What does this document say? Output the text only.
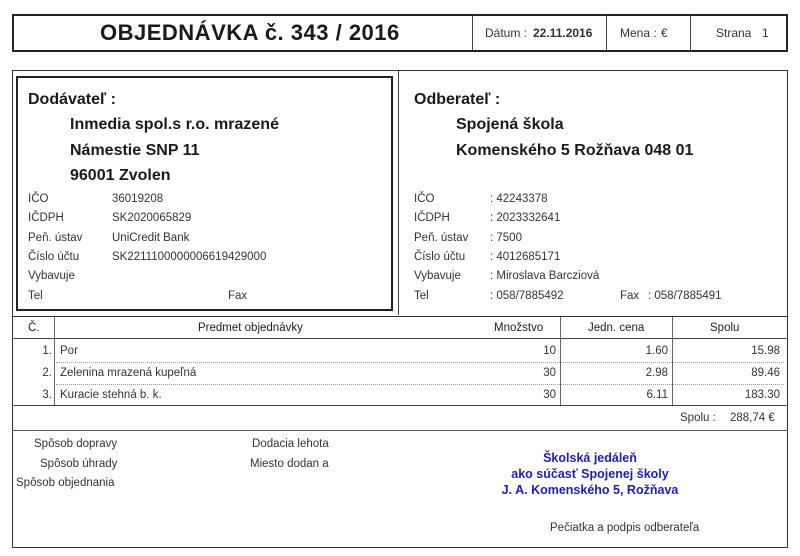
OBJEDNÁVKA č. 343 / 2016	Dátum : 22.11.2016 Mena : €	Strana 1
Dodávateľ :
Inmedia spol.s r.o. mrazené
Námestie SNP 11
96001 Zvolen
IČO	36019208
IČDPH	SK2020065829
Peň. ústav	UniCredit Bank
Číslo účtu	SK2211100000006619429000
Vybavuje
Tel	Fax
Odberateľ :
Spojená škola
Komenského 5 Rožňava 048 01
IČO	: 42243378
IČDPH	: 2023332641
Peň. ústav : 7500
Číslo účtu : 4012685171
Vybavuje	: Miroslava Barcziová
Tel	: 058/7885492	Fax : 058/7885491
Č.	Predmet objednávky	Množstvo	Jedn. cena	Spolu
1. Por	10	1.60	15.98
2. Zelenina mrazená kupeľná	30	2.98	89.46
3. Kuracie stehná b. k.	30	6.11	183.30
Spolu : 288,74 €
Spôsob dopravy
Spôsob úhrady
Spôsob objednania
Dodacia lehota
Miesto dodan a	Školská jedáleň
ako súčasť Spojenej školy
J. A. Komenského 5, Rožňava
Pečiatka a podpis odberateľa
